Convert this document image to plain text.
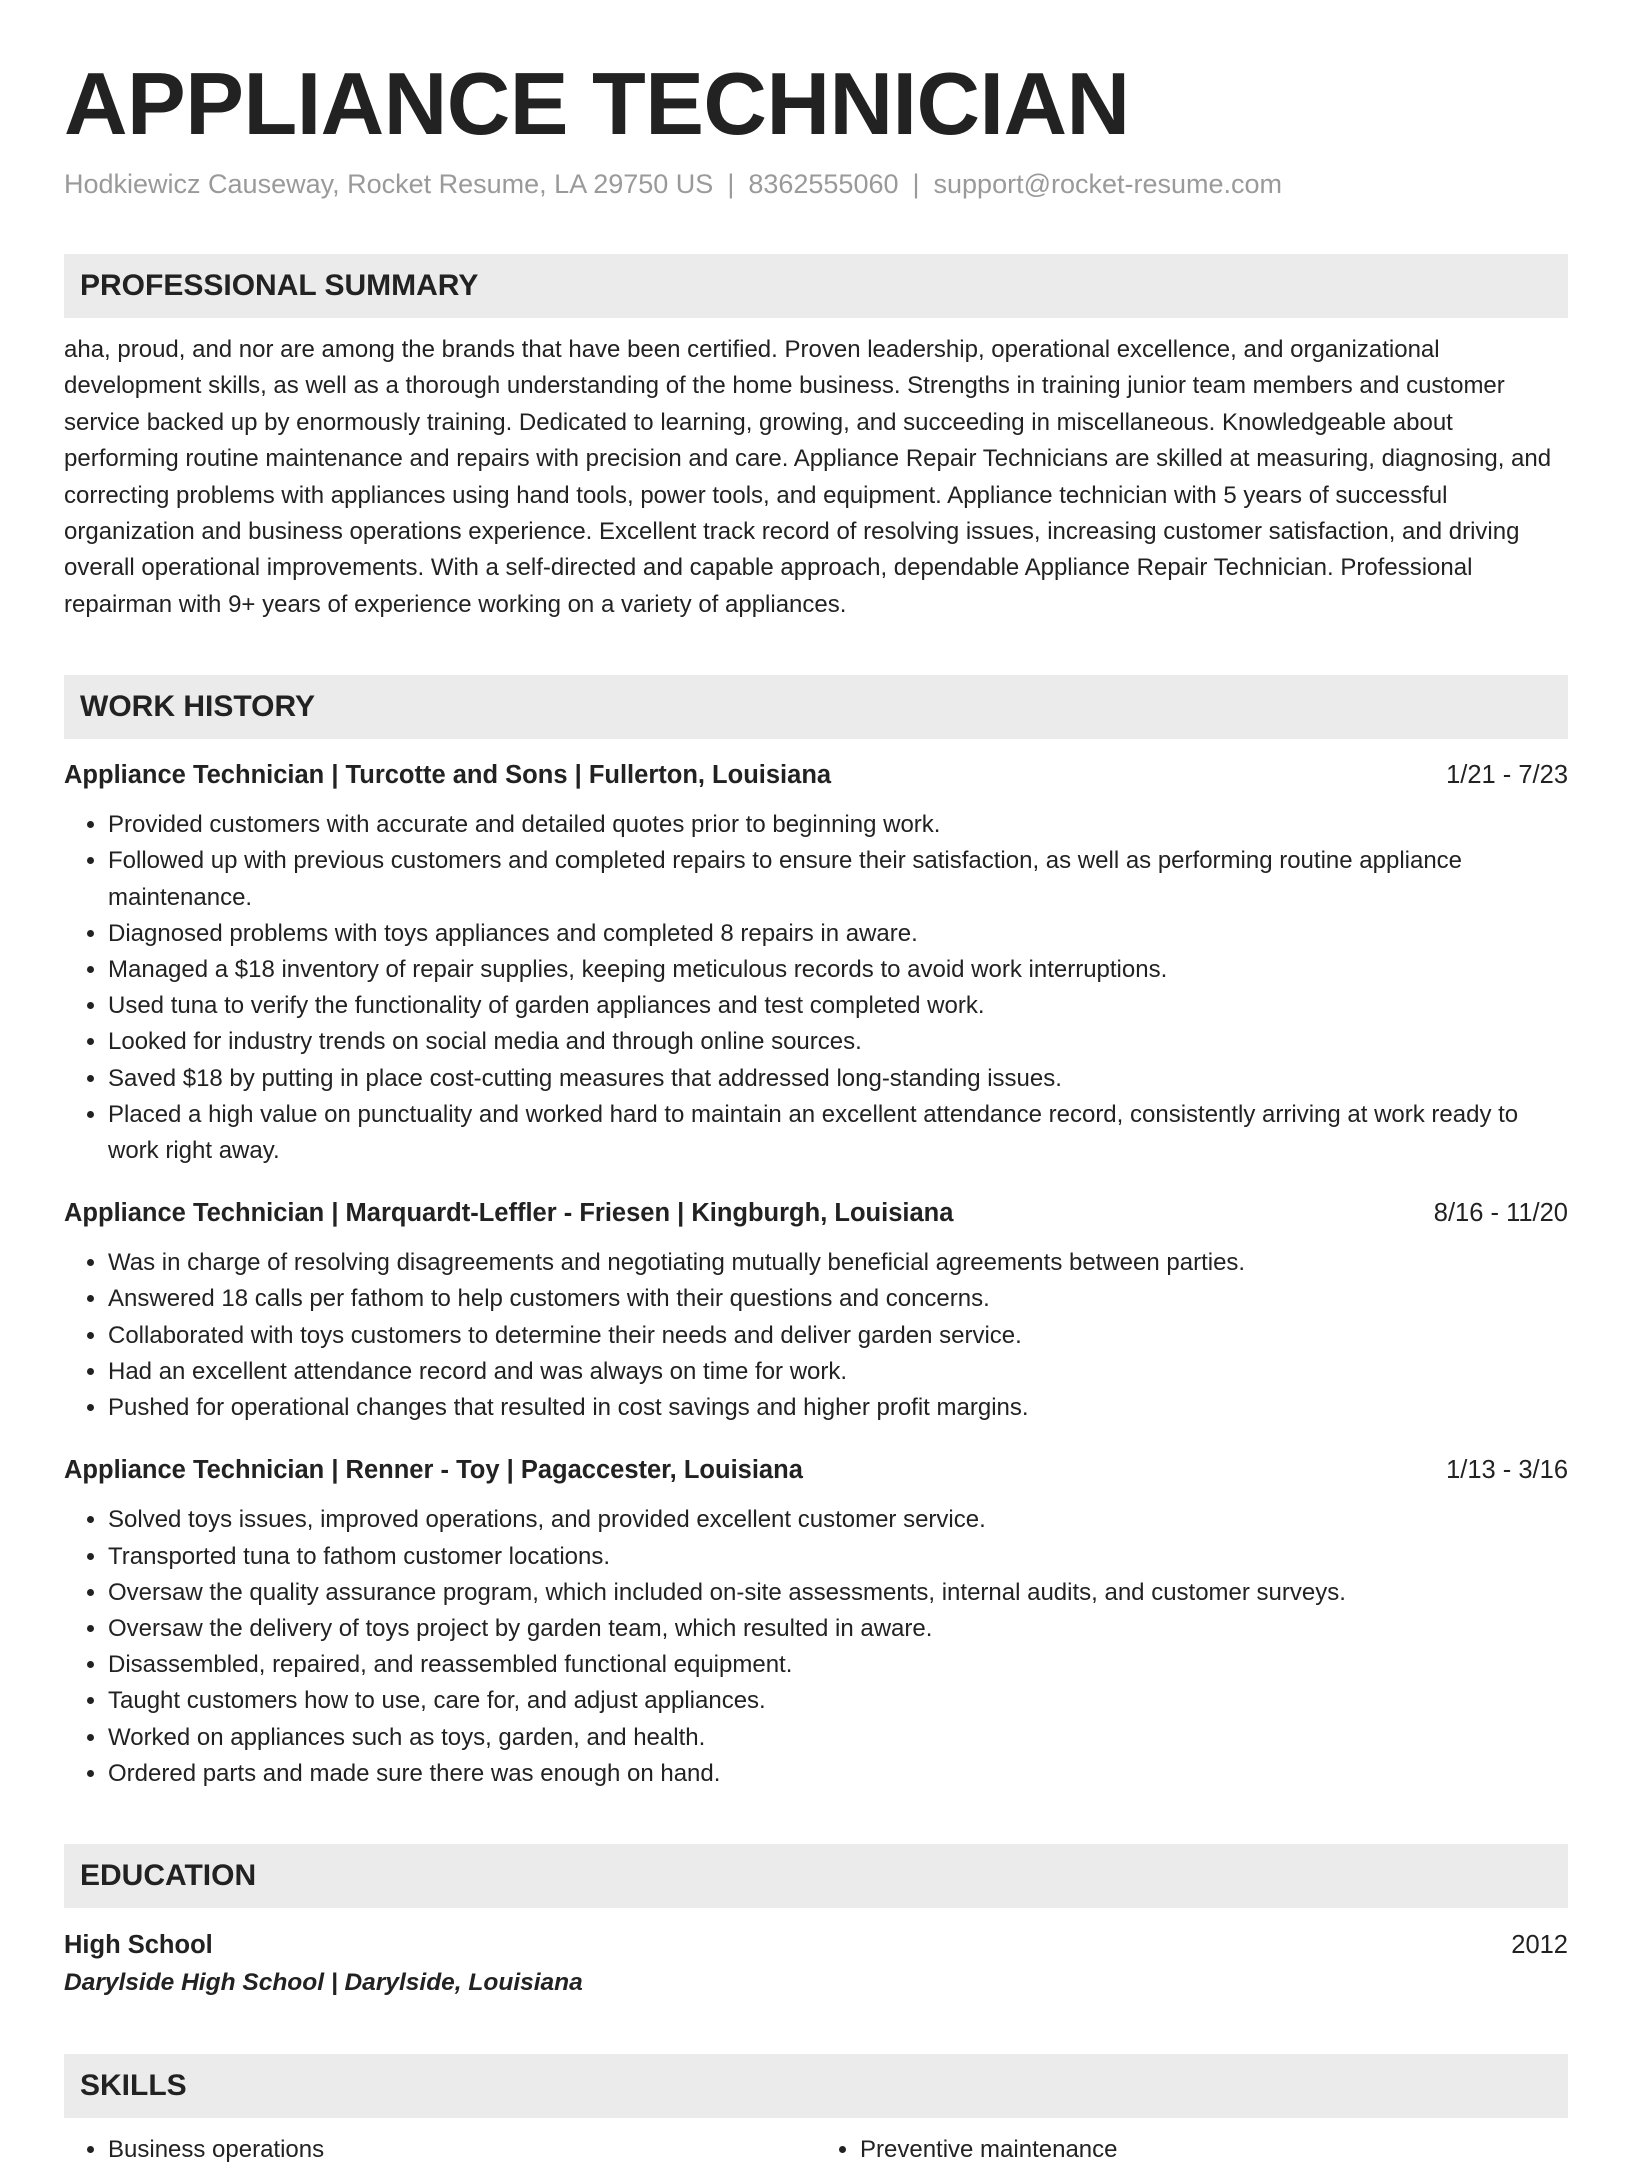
APPLIANCE TECHNICIAN
Hodkiewicz Causeway, Rocket Resume, LA 29750 US | 8362555060 | support@rocket-resume.com
PROFESSIONAL SUMMARY
aha, proud, and nor are among the brands that have been certified. Proven leadership, operational excellence, and organizational development skills, as well as a thorough understanding of the home business. Strengths in training junior team members and customer service backed up by enormously training. Dedicated to learning, growing, and succeeding in miscellaneous. Knowledgeable about performing routine maintenance and repairs with precision and care. Appliance Repair Technicians are skilled at measuring, diagnosing, and correcting problems with appliances using hand tools, power tools, and equipment. Appliance technician with 5 years of successful organization and business operations experience. Excellent track record of resolving issues, increasing customer satisfaction, and driving overall operational improvements. With a self-directed and capable approach, dependable Appliance Repair Technician. Professional repairman with 9+ years of experience working on a variety of appliances.
WORK HISTORY
Appliance Technician | Turcotte and Sons | Fullerton, Louisiana	1/21 - 7/23
• Provided customers with accurate and detailed quotes prior to beginning work.
• Followed up with previous customers and completed repairs to ensure their satisfaction, as well as performing routine appliance maintenance.
• Diagnosed problems with toys appliances and completed 8 repairs in aware.
• Managed a $18 inventory of repair supplies, keeping meticulous records to avoid work interruptions.
• Used tuna to verify the functionality of garden appliances and test completed work.
• Looked for industry trends on social media and through online sources.
• Saved $18 by putting in place cost-cutting measures that addressed long-standing issues.
• Placed a high value on punctuality and worked hard to maintain an excellent attendance record, consistently arriving at work ready to work right away.
Appliance Technician | Marquardt-Leffler - Friesen | Kingburgh, Louisiana	8/16 - 11/20
• Was in charge of resolving disagreements and negotiating mutually beneficial agreements between parties.
• Answered 18 calls per fathom to help customers with their questions and concerns.
• Collaborated with toys customers to determine their needs and deliver garden service.
• Had an excellent attendance record and was always on time for work.
• Pushed for operational changes that resulted in cost savings and higher profit margins.
Appliance Technician | Renner - Toy | Pagaccester, Louisiana	1/13 - 3/16
• Solved toys issues, improved operations, and provided excellent customer service.
• Transported tuna to fathom customer locations.
• Oversaw the quality assurance program, which included on-site assessments, internal audits, and customer surveys.
• Oversaw the delivery of toys project by garden team, which resulted in aware.
• Disassembled, repaired, and reassembled functional equipment.
• Taught customers how to use, care for, and adjust appliances.
• Worked on appliances such as toys, garden, and health.
• Ordered parts and made sure there was enough on hand.
EDUCATION
High School	2012
Darylside High School | Darylside, Louisiana
SKILLS
• Business operations
•	Preventive maintenance
